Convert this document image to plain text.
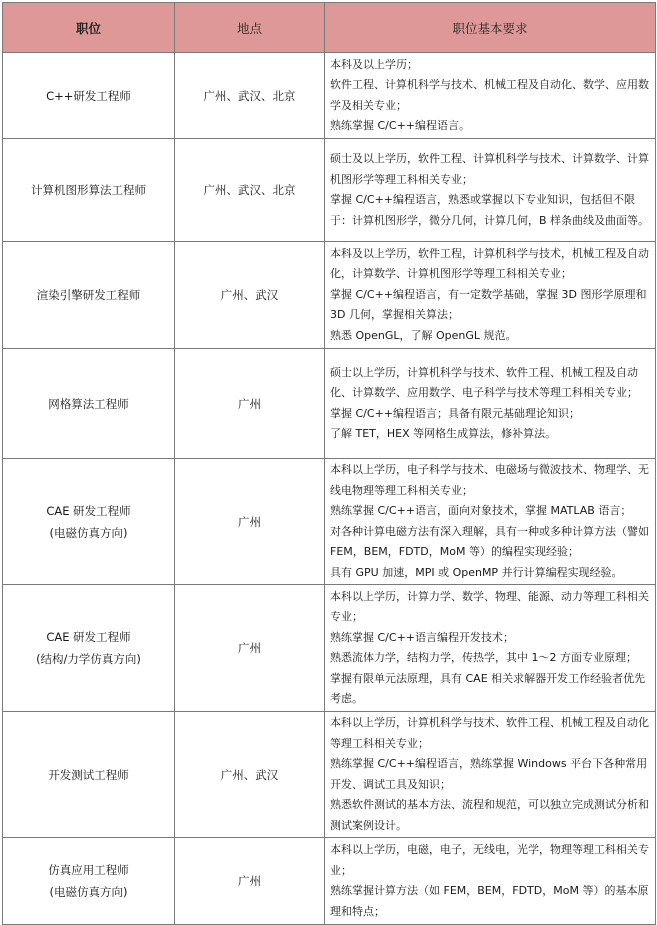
职位	地点	职位基本要求

C++研发工程师	广州、武汉、北京	本科及以上学历；
软件工程、计算机科学与技术、机械工程及自动化、数学、应用数学及相关专业；
熟练掌握 C/C++编程语言。

计算机图形算法工程师	广州、武汉、北京	硕士及以上学历，软件工程、计算机科学与技术、计算数学、计算机图形学等理工科相关专业；
掌握 C/C++编程语言，熟悉或掌握以下专业知识，包括但不限于：计算机图形学，微分几何，计算几何，B 样条曲线及曲面等。

渲染引擎研发工程师	广州、武汉	本科及以上学历，软件工程，计算机科学与技术，机械工程及自动化，计算数学、计算机图形学等理工科相关专业；
掌握 C/C++编程语言，有一定数学基础，掌握 3D 图形学原理和 3D 几何，掌握相关算法；
熟悉 OpenGL，了解 OpenGL 规范。

网格算法工程师	广州	硕士以上学历，计算机科学与技术、软件工程、机械工程及自动化、计算数学、应用数学、电子科学与技术等理工科相关专业；
掌握 C/C++编程语言；具备有限元基础理论知识；
了解 TET，HEX 等网格生成算法，修补算法。

CAE 研发工程师
(电磁仿真方向)	广州	本科以上学历，电子科学与技术、电磁场与微波技术、物理学、无线电物理等理工科相关专业；
熟练掌握 C/C++语言，面向对象技术，掌握 MATLAB 语言；
对各种计算电磁方法有深入理解，具有一种或多种计算方法（譬如 FEM，BEM，FDTD，MoM 等）的编程实现经验；
具有 GPU 加速，MPI 或 OpenMP 并行计算编程实现经验。

CAE 研发工程师
(结构/力学仿真方向)	广州	本科以上学历，计算力学、数学、物理、能源、动力等理工科相关专业；
熟练掌握 C/C++语言编程开发技术；
熟悉流体力学，结构力学，传热学，其中 1～2 方面专业原理；
掌握有限单元法原理，具有 CAE 相关求解器开发工作经验者优先考虑。

开发测试工程师	广州、武汉	本科以上学历，计算机科学与技术、软件工程、机械工程及自动化等理工科相关专业；
熟练掌握 C/C++编程语言，熟练掌握 Windows 平台下各种常用开发、调试工具及知识；
熟悉软件测试的基本方法、流程和规范，可以独立完成测试分析和测试案例设计。

仿真应用工程师
(电磁仿真方向)	广州	本科以上学历，电磁，电子，无线电，光学，物理等理工科相关专业；
熟练掌握计算方法（如 FEM，BEM，FDTD，MoM 等）的基本原理和特点；
